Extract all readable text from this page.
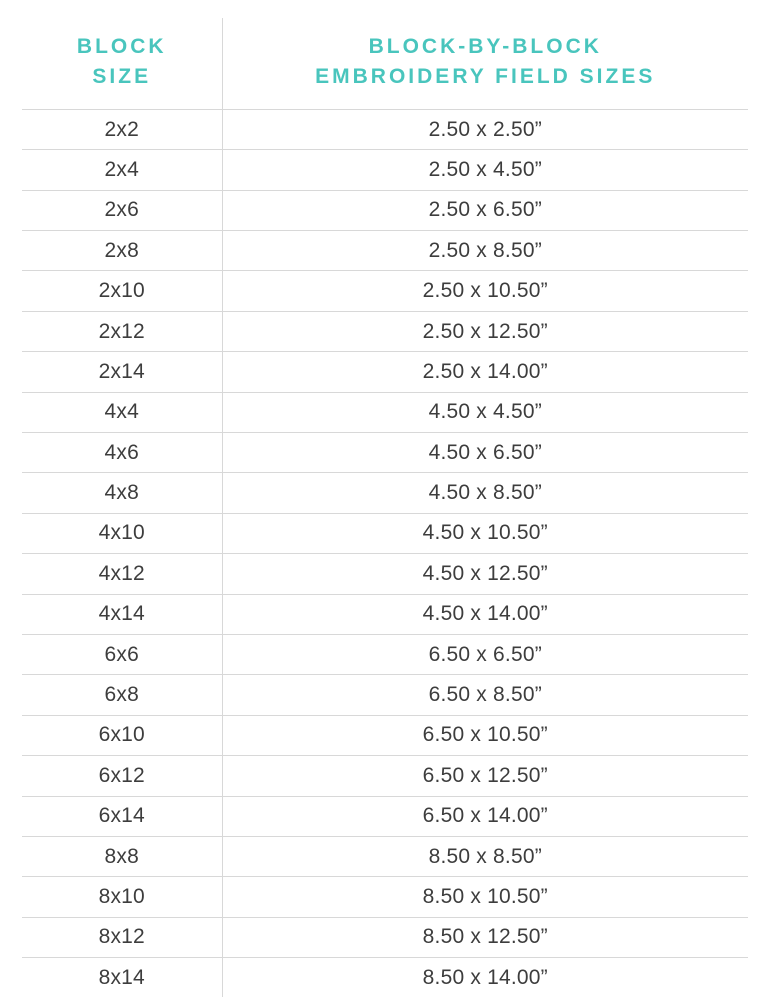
BLOCK
SIZE	BLOCK-BY-BLOCK
EMBROIDERY FIELD SIZES

2x2	2.50 x 2.50”
2x4	2.50 x 4.50”
2x6	2.50 x 6.50”
2x8	2.50 x 8.50”
2x10	2.50 x 10.50”
2x12	2.50 x 12.50”
2x14	2.50 x 14.00”
4x4	4.50 x 4.50”
4x6	4.50 x 6.50”
4x8	4.50 x 8.50”
4x10	4.50 x 10.50”
4x12	4.50 x 12.50”
4x14	4.50 x 14.00”
6x6	6.50 x 6.50”
6x8	6.50 x 8.50”
6x10	6.50 x 10.50”
6x12	6.50 x 12.50”
6x14	6.50 x 14.00”
8x8	8.50 x 8.50”
8x10	8.50 x 10.50”
8x12	8.50 x 12.50”
8x14	8.50 x 14.00”
